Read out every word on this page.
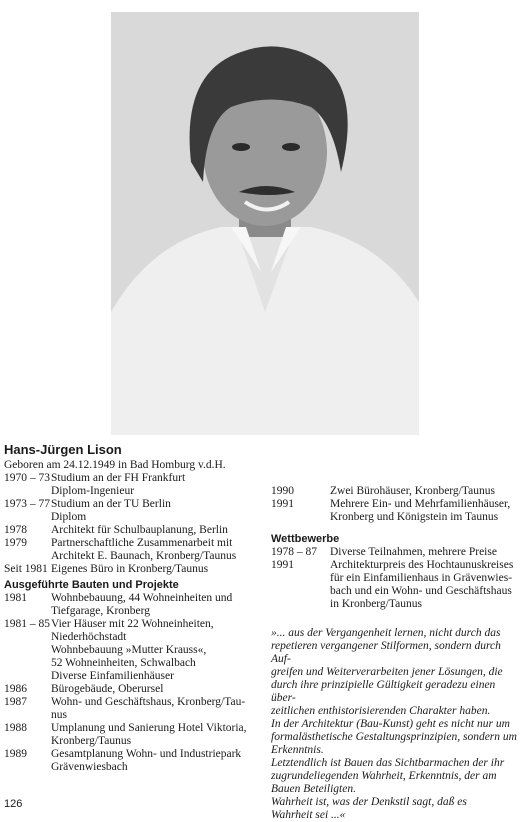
Hans-Jürgen Lison
Geboren am 24.12.1949 in Bad Homburg v.d.H.
1970 – 73 Studium an der FH Frankfurt
Diplom-Ingenieur
1973 – 77 Studium an der TU Berlin
Diplom
1978	Architekt für Schulbauplanung, Berlin
1979	Partnerschaftliche Zusammenarbeit mit
Architekt E. Baunach, Kronberg/Taunus
Seit 1981 Eigenes Büro in Kronberg/Taunus
Ausgeführte Bauten und Projekte
1981	Wohnbebauung, 44 Wohneinheiten und
Tiefgarage, Kronberg
1981 – 85 Vier Häuser mit 22 Wohneinheiten,
Niederhöchstadt
Wohnbebauung »Mutter Krauss«,
52 Wohneinheiten, Schwalbach
Diverse Einfamilienhäuser
1986	Bürogebäude, Oberursel
1987	Wohn- und Geschäftshaus, Kronberg/Tau-
nus
1988	Umplanung und Sanierung Hotel Viktoria,
Kronberg/Taunus
1989	Gesamtplanung Wohn- und Industriepark
Grävenwiesbach
1990	Zwei Bürohäuser, Kronberg/Taunus
1991	Mehrere Ein- und Mehrfamilienhäuser,
Kronberg und Königstein im Taunus
Wettbewerbe
1978 – 87	Diverse Teilnahmen, mehrere Preise
1991	Architekturpreis des Hochtaunuskreises
für ein Einfamilienhaus in Grävenwies-
bach und ein Wohn- und Geschäftshaus
in Kronberg/Taunus

»... aus der Vergangenheit lernen, nicht durch das

repetieren vergangener Stilformen, sondern durch Auf-

greifen und Weiterverarbeiten jener Lösungen, die

durch ihre prinzipielle Gültigkeit geradezu einen über-

zeitlichen enthistorisierenden Charakter haben.

In der Architektur (Bau-Kunst) geht es nicht nur um

formalästhetische Gestaltungsprinzipien, sondern um

Erkenntnis.

Letztendlich ist Bauen das Sichtbarmachen der ihr

zugrundeliegenden Wahrheit, Erkenntnis, der am

Bauen Beteiligten.

Wahrheit ist, was der Denkstil sagt, daß es

Wahrheit sei ...«

126
